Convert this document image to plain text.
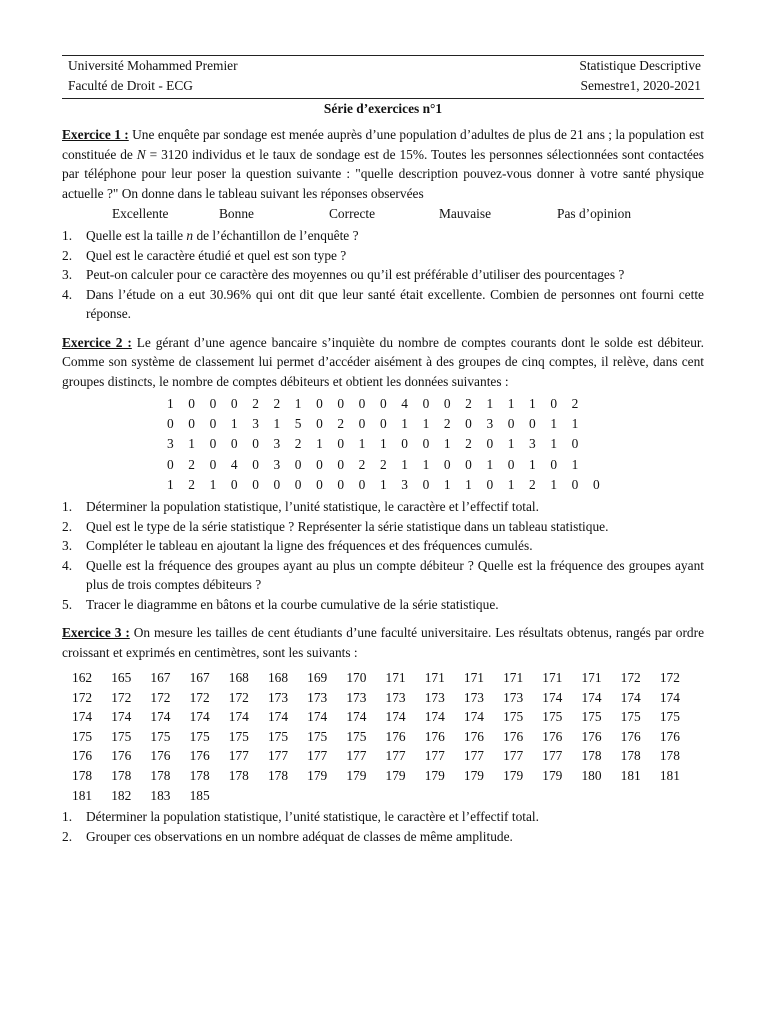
Université Mohammed Premier	Statistique Descriptive
Faculté de Droit - ECG	Semestre1, 2020-2021
Série d’exercices n°1

Exercice 1 : Une enquête par sondage est menée auprès d’une population d’adultes de plus de 21 ans ; la population est constituée de N = 3120 individus et le taux de sondage est de 15%. Toutes les personnes sélectionnées sont contactées par téléphone pour leur poser la question suivante : "quelle description pouvez-vous donner à votre santé physique actuelle ?" On donne dans le tableau suivant les réponses observées

Excellente	Bonne	Correcte	Mauvaise	Pas d’opinion
1.	Quelle est la taille n de l’échantillon de l’enquête ?
2.	Quel est le caractère étudié et quel est son type ?
3.	Peut-on calculer pour ce caractère des moyennes ou qu’il est préférable d’utiliser des pourcentages ?
4.	Dans l’étude on a eut 30.96% qui ont dit que leur santé était excellente. Combien de personnes ont fourni cette réponse.

Exercice 2 : Le gérant d’une agence bancaire s’inquiète du nombre de comptes courants dont le solde est débiteur. Comme son système de classement lui permet d’accéder aisément à des groupes de cinq comptes, il relève, dans cent groupes distincts, le nombre de comptes débiteurs et obtient les données suivantes :

1	0	0	0	2	2	1	0	0	0	0	4	0	0	2	1	1	1	0	2
0	0	0	1	3	1	5	0	2	0	0	1	1	2	0	3	0	0	1	1
3	1	0	0	0	3	2	1	0	1	1	0	0	1	2	0	1	3	1	0
0	2	0	4	0	3	0	0	0	2	2	1	1	0	0	1	0	1	0	1
1	2	1	0	0	0	0	0	0	0	1	3	0	1	1	0	1	2	1	0	0
1.	Déterminer la population statistique, l’unité statistique, le caractère et l’effectif total.
2.	Quel est le type de la série statistique ? Représenter la série statistique dans un tableau statistique.
3.	Compléter le tableau en ajoutant la ligne des fréquences et des fréquences cumulés.
4.	Quelle est la fréquence des groupes ayant au plus un compte débiteur ? Quelle est la fréquence des groupes ayant plus de trois comptes débiteurs ?
5.	Tracer le diagramme en bâtons et la courbe cumulative de la série statistique.

Exercice 3 : On mesure les tailles de cent étudiants d’une faculté universitaire. Les résultats obtenus, rangés par ordre croissant et exprimés en centimètres, sont les suivants :

162	165	167	167	168	168	169	170	171	171	171	171	171	171	172	172
172	172	172	172	172	173	173	173	173	173	173	173	174	174	174	174
174	174	174	174	174	174	174	174	174	174	174	175	175	175	175	175
175	175	175	175	175	175	175	175	176	176	176	176	176	176	176	176
176	176	176	176	177	177	177	177	177	177	177	177	177	178	178	178
178	178	178	178	178	178	179	179	179	179	179	179	179	180	181	181
181	182	183	185
1.	Déterminer la population statistique, l’unité statistique, le caractère et l’effectif total.
2.	Grouper ces observations en un nombre adéquat de classes de même amplitude.
